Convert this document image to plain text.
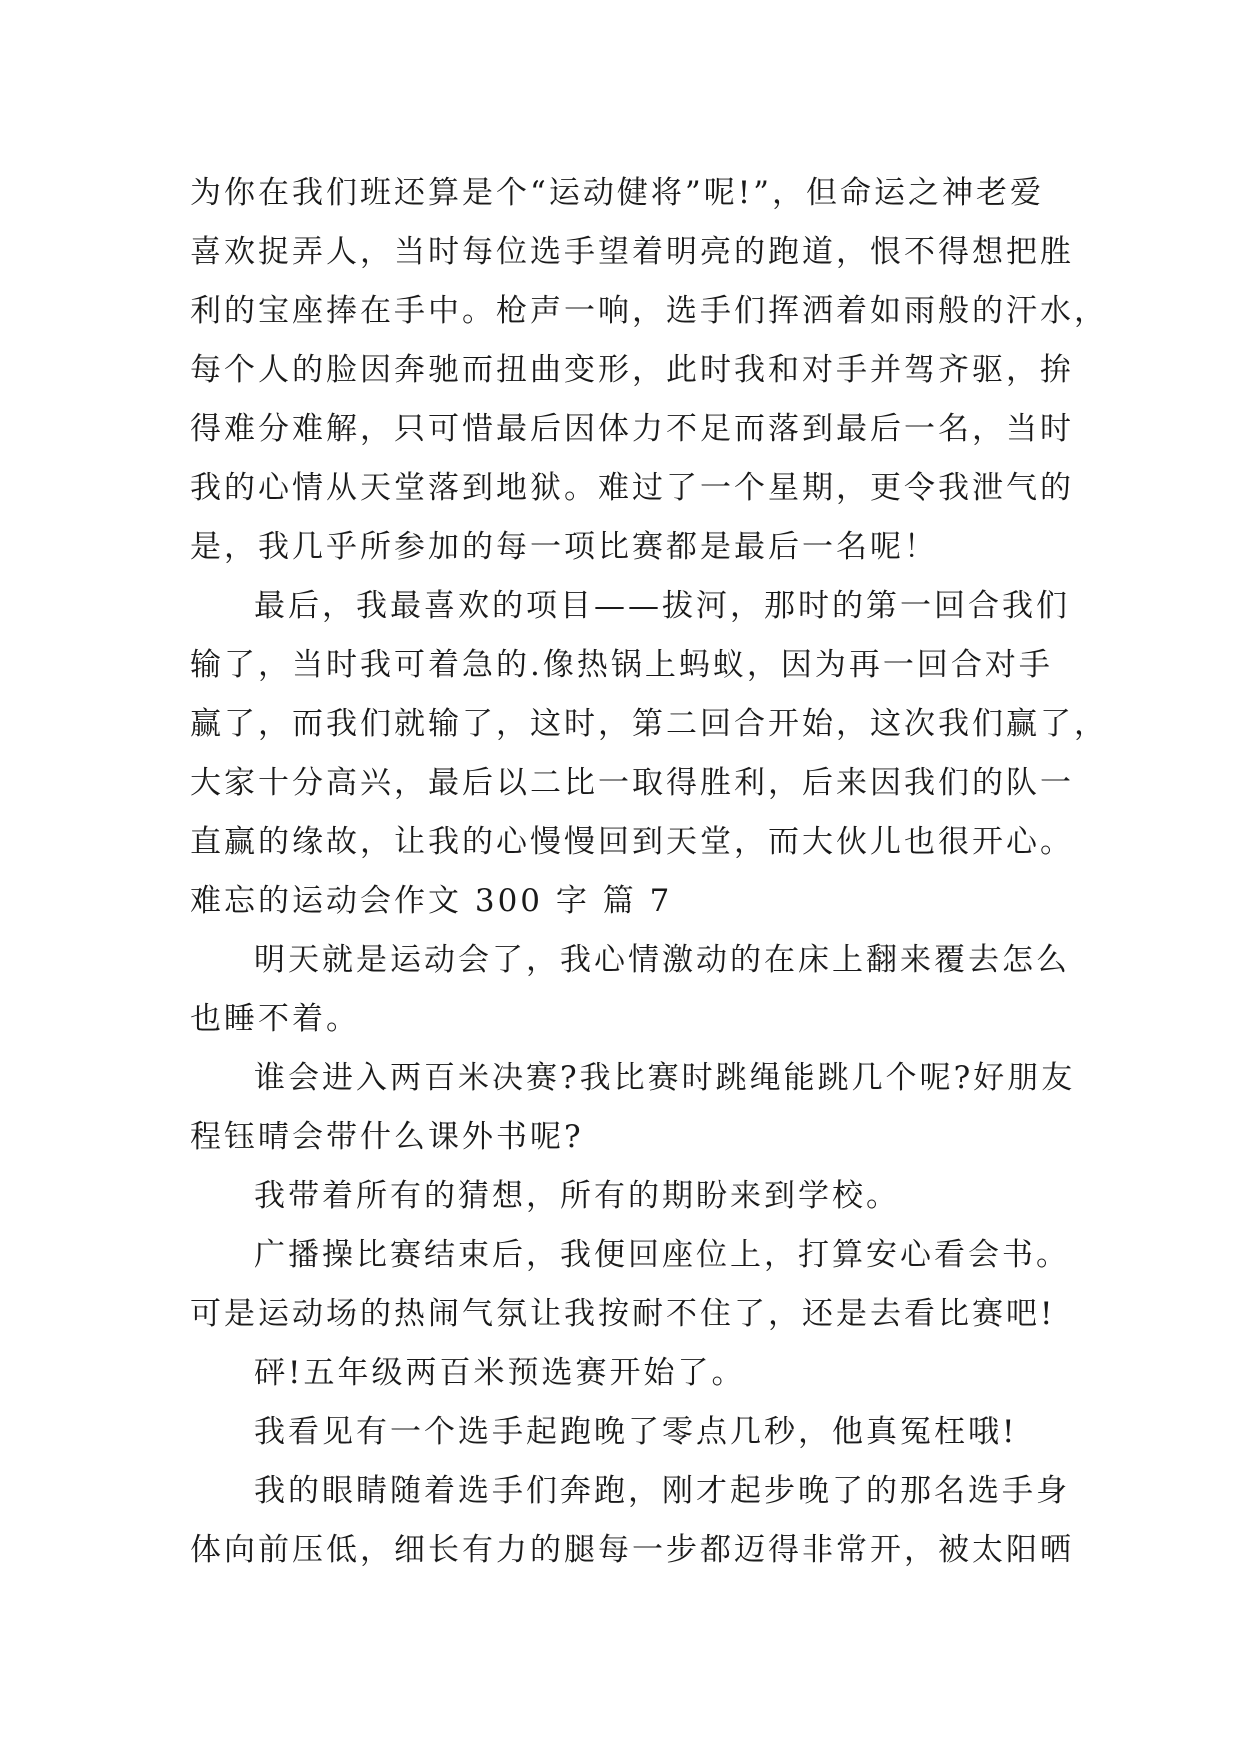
为你在我们班还算是个“运动健将”呢!”，但命运之神老爱
喜欢捉弄人，当时每位选手望着明亮的跑道，恨不得想把胜
利的宝座捧在手中。枪声一响，选手们挥洒着如雨般的汗水，
每个人的脸因奔驰而扭曲变形，此时我和对手并驾齐驱，拚
得难分难解，只可惜最后因体力不足而落到最后一名，当时
我的心情从天堂落到地狱。难过了一个星期，更令我泄气的
是，我几乎所参加的每一项比赛都是最后一名呢！
最后，我最喜欢的项目——拔河，那时的第一回合我们
输了，当时我可着急的.像热锅上蚂蚁，因为再一回合对手
赢了，而我们就输了，这时，第二回合开始，这次我们赢了，
大家十分高兴，最后以二比一取得胜利，后来因我们的队一
直赢的缘故，让我的心慢慢回到天堂，而大伙儿也很开心。
难忘的运动会作文 300 字 篇 7
明天就是运动会了，我心情激动的在床上翻来覆去怎么
也睡不着。
谁会进入两百米决赛?我比赛时跳绳能跳几个呢?好朋友
程钰晴会带什么课外书呢?
我带着所有的猜想，所有的期盼来到学校。
广播操比赛结束后，我便回座位上，打算安心看会书。
可是运动场的热闹气氛让我按耐不住了，还是去看比赛吧!
砰!五年级两百米预选赛开始了。
我看见有一个选手起跑晚了零点几秒，他真冤枉哦!
我的眼睛随着选手们奔跑，刚才起步晚了的那名选手身
体向前压低，细长有力的腿每一步都迈得非常开，被太阳晒
